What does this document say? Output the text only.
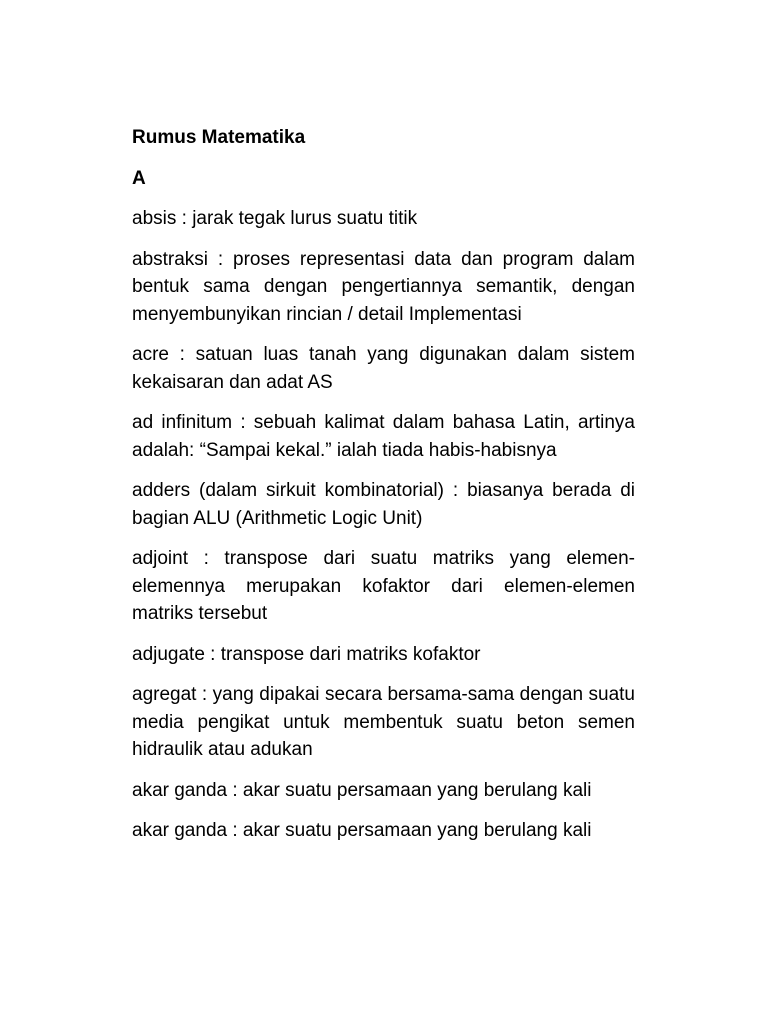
Rumus Matematika
A
absis : jarak tegak lurus suatu titik
abstraksi : proses representasi data dan program dalam bentuk sama dengan pengertiannya semantik, dengan menyembunyikan rincian / detail Implementasi
acre : satuan luas tanah yang digunakan dalam sistem kekaisaran dan adat AS
ad infinitum : sebuah kalimat dalam bahasa Latin, artinya adalah: “Sampai kekal.” ialah tiada habis-habisnya
adders (dalam sirkuit kombinatorial) : biasanya berada di bagian ALU (Arithmetic Logic Unit)
adjoint : transpose dari suatu matriks yang elemen-elemennya merupakan kofaktor dari elemen-elemen matriks tersebut
adjugate : transpose dari matriks kofaktor
agregat : yang dipakai secara bersama-sama dengan suatu media pengikat untuk membentuk suatu beton semen hidraulik atau adukan
akar ganda : akar suatu persamaan yang berulang kali
akar ganda : akar suatu persamaan yang berulang kali
